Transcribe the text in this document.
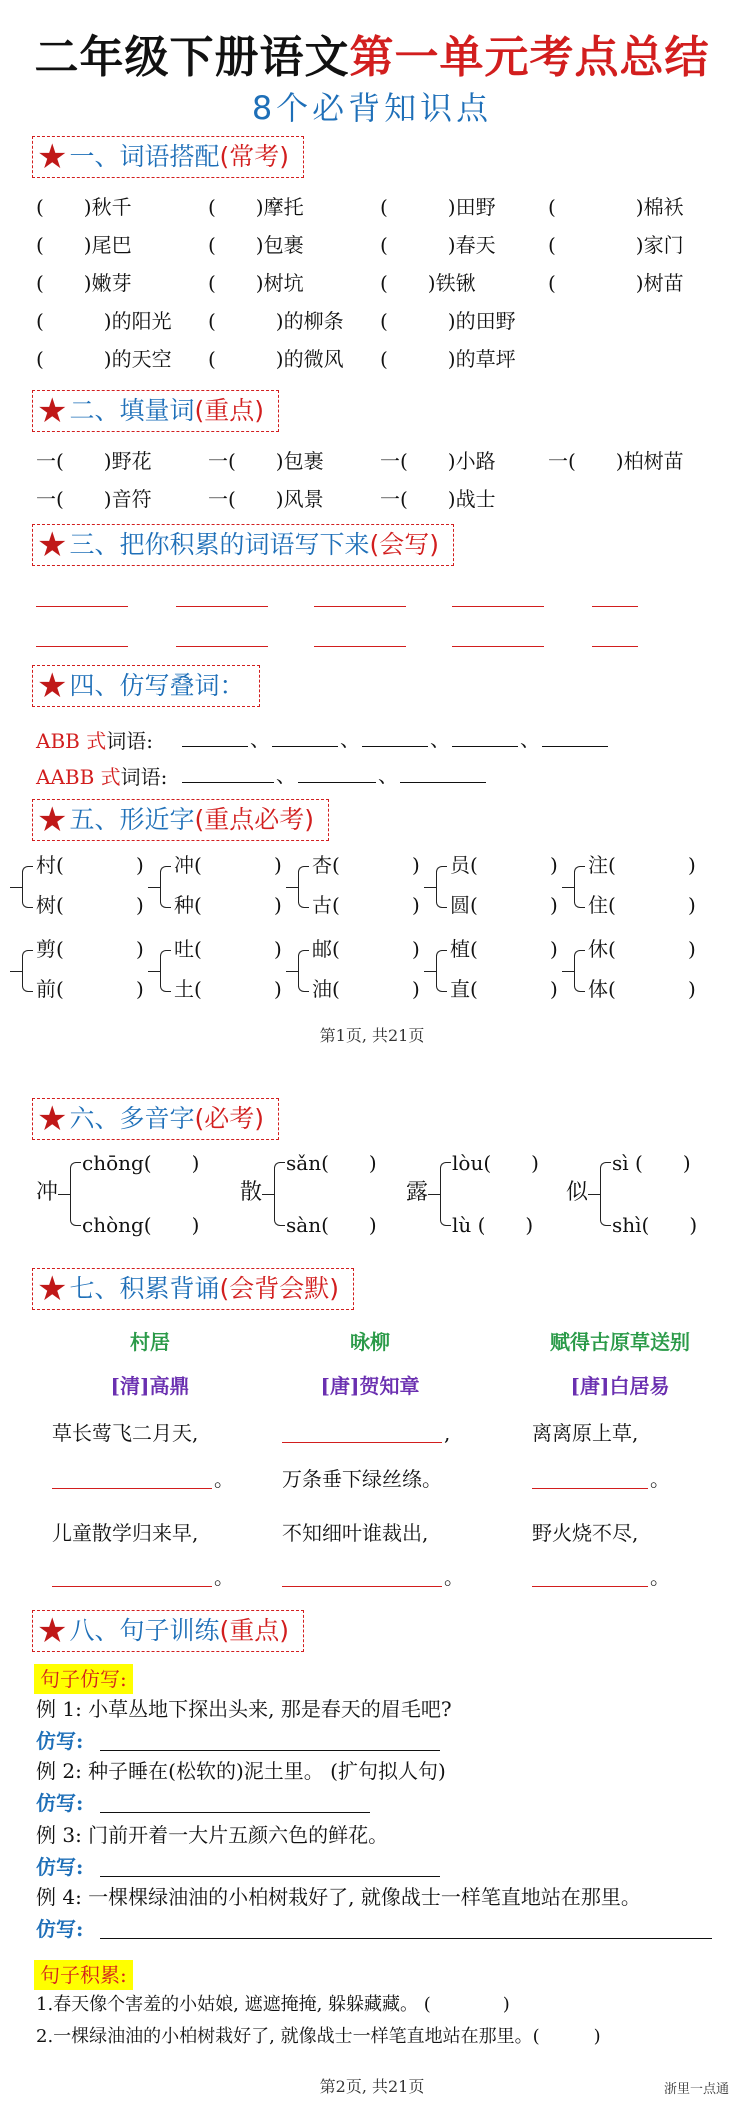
二年级下册语文第一单元考点总结
8个必背知识点
★一、词语搭配(常考)
(　　)秋千	(　　)摩托	(　　　)田野	(　　　　)棉袄
(　　)尾巴	(　　)包裹	(　　　)春天	(　　　　)家门
(　　)嫩芽	(　　)树坑	(　　)铁锹	(　　　　)树苗
(　　　)的阳光 (　　　)的柳条 (　　　)的田野
(　　　)的天空 (　　　)的微风 (　　　)的草坪
★二、填量词(重点)
一(　　)野花	一(　　)包裹	一(　　)小路	一(　　)柏树苗
一(　　)音符	一(　　)风景	一(　　)战士
★三、把你积累的词语写下来(会写)
★四、仿写叠词：
ABB 式词语:
AABB 式词语:
、	、	、	、
、	、
★五、形近字(重点必考)
村(	) 冲(	) 杏(	) 员(	) 注(	)
树(	) 种(	) 古(	) 圆(	) 住(	)
剪(	) 吐(	) 邮(	) 植(	) 休(	)
前(	) 土(	) 油(	) 直(	) 体(	)
第1页, 共21页
★六、多音字(必考)
冲
chōng(　　)
chòng(　　)
散
sǎn(　　)
sàn(　　)
露
lòu(　　)
lù (　　)
似
sì (　　)
shì(　　)
★七、积累背诵(会背会默)
村居
[清]高鼎
咏柳
[唐]贺知章
赋得古原草送别
[唐]白居易
草长莺飞二月天,
。
儿童散学归来早,
。
,
万条垂下绿丝绦。
不知细叶谁裁出,
。
离离原上草,
。
野火烧不尽,
。
★八、句子训练(重点)
句子仿写:
例 1: 小草丛地下探出头来, 那是春天的眉毛吧?
仿写:
例 2: 种子睡在(松软的)泥土里。 (扩句拟人句)
仿写:
例 3: 门前开着一大片五颜六色的鲜花。
仿写:
例 4: 一棵棵绿油油的小柏树栽好了, 就像战士一样笔直地站在那里。
仿写:
句子积累:
1.春天像个害羞的小姑娘, 遮遮掩掩, 躲躲藏藏。 (　　　　)
2.一棵绿油油的小柏树栽好了, 就像战士一样笔直地站在那里。(　　　)
第2页, 共21页	浙里一点通
